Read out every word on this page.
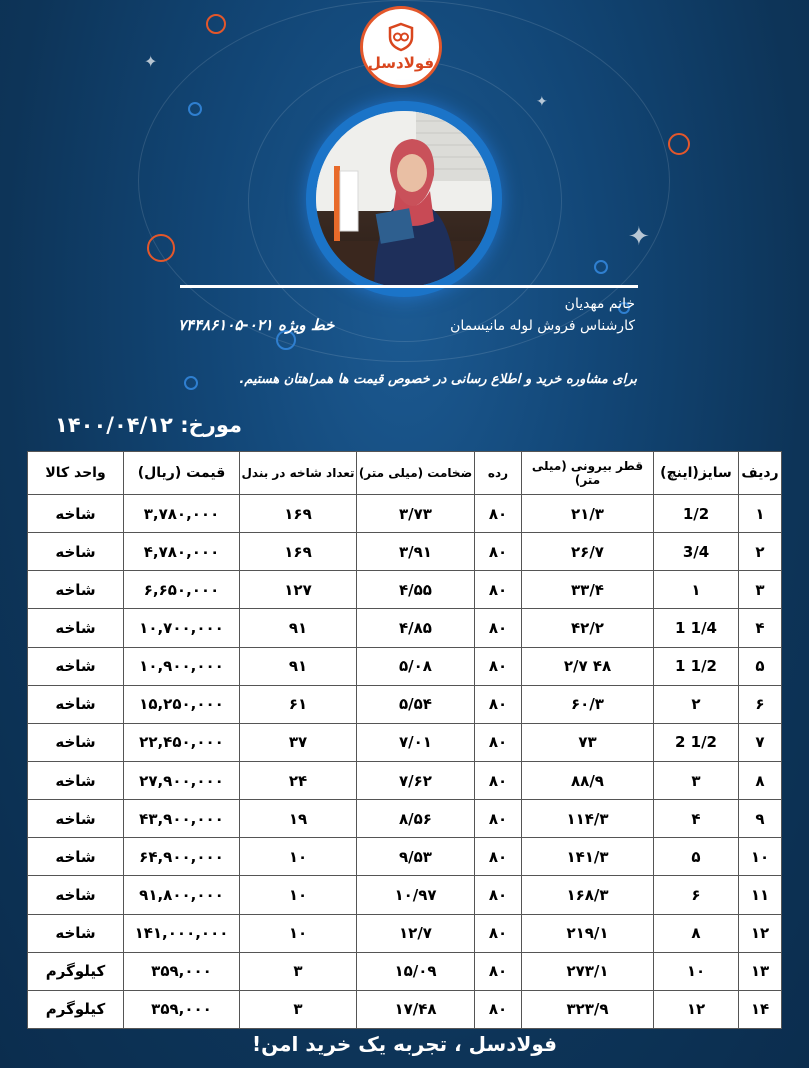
✦
✦
✦
فولادسل
خانم مهدیان
کارشناس فروش لوله مانیسمان
خط ویژه ۰۲۱-۷۴۴۸۶۱۰۵
برای مشاوره خرید و اطلاع رسانی در خصوص قیمت ها همراهتان هستیم.
مورخ: ۱۴۰۰/۰۴/۱۲
ردیف	سایز(اینچ)	قطر بیرونی (میلی متر)	رده	ضخامت (میلی متر)	تعداد شاخه در بندل	قیمت (ریال)	واحد کالا
۱	1/2	۲۱/۳	۸۰	۳/۷۳	۱۶۹	۳,۷۸۰,۰۰۰	شاخه
۲	3/4	۲۶/۷	۸۰	۳/۹۱	۱۶۹	۴,۷۸۰,۰۰۰	شاخه
۳	۱	۳۳/۴	۸۰	۴/۵۵	۱۲۷	۶,۶۵۰,۰۰۰	شاخه
۴	1 1/4	۴۲/۲	۸۰	۴/۸۵	۹۱	۱۰,۷۰۰,۰۰۰	شاخه
۵	1 1/2	۴۸ ۲/۷	۸۰	۵/۰۸	۹۱	۱۰,۹۰۰,۰۰۰	شاخه
۶	۲	۶۰/۳	۸۰	۵/۵۴	۶۱	۱۵,۲۵۰,۰۰۰	شاخه
۷	2 1/2	۷۳	۸۰	۷/۰۱	۳۷	۲۲,۴۵۰,۰۰۰	شاخه
۸	۳	۸۸/۹	۸۰	۷/۶۲	۲۴	۲۷,۹۰۰,۰۰۰	شاخه
۹	۴	۱۱۴/۳	۸۰	۸/۵۶	۱۹	۴۳,۹۰۰,۰۰۰	شاخه
۱۰	۵	۱۴۱/۳	۸۰	۹/۵۳	۱۰	۶۴,۹۰۰,۰۰۰	شاخه
۱۱	۶	۱۶۸/۳	۸۰	۱۰/۹۷	۱۰	۹۱,۸۰۰,۰۰۰	شاخه
۱۲	۸	۲۱۹/۱	۸۰	۱۲/۷	۱۰	۱۴۱,۰۰۰,۰۰۰	شاخه
۱۳	۱۰	۲۷۳/۱	۸۰	۱۵/۰۹	۳	۳۵۹,۰۰۰	کیلوگرم
۱۴	۱۲	۳۲۳/۹	۸۰	۱۷/۴۸	۳	۳۵۹,۰۰۰	کیلوگرم
فولادسل ، تجربه یک خرید امن!
